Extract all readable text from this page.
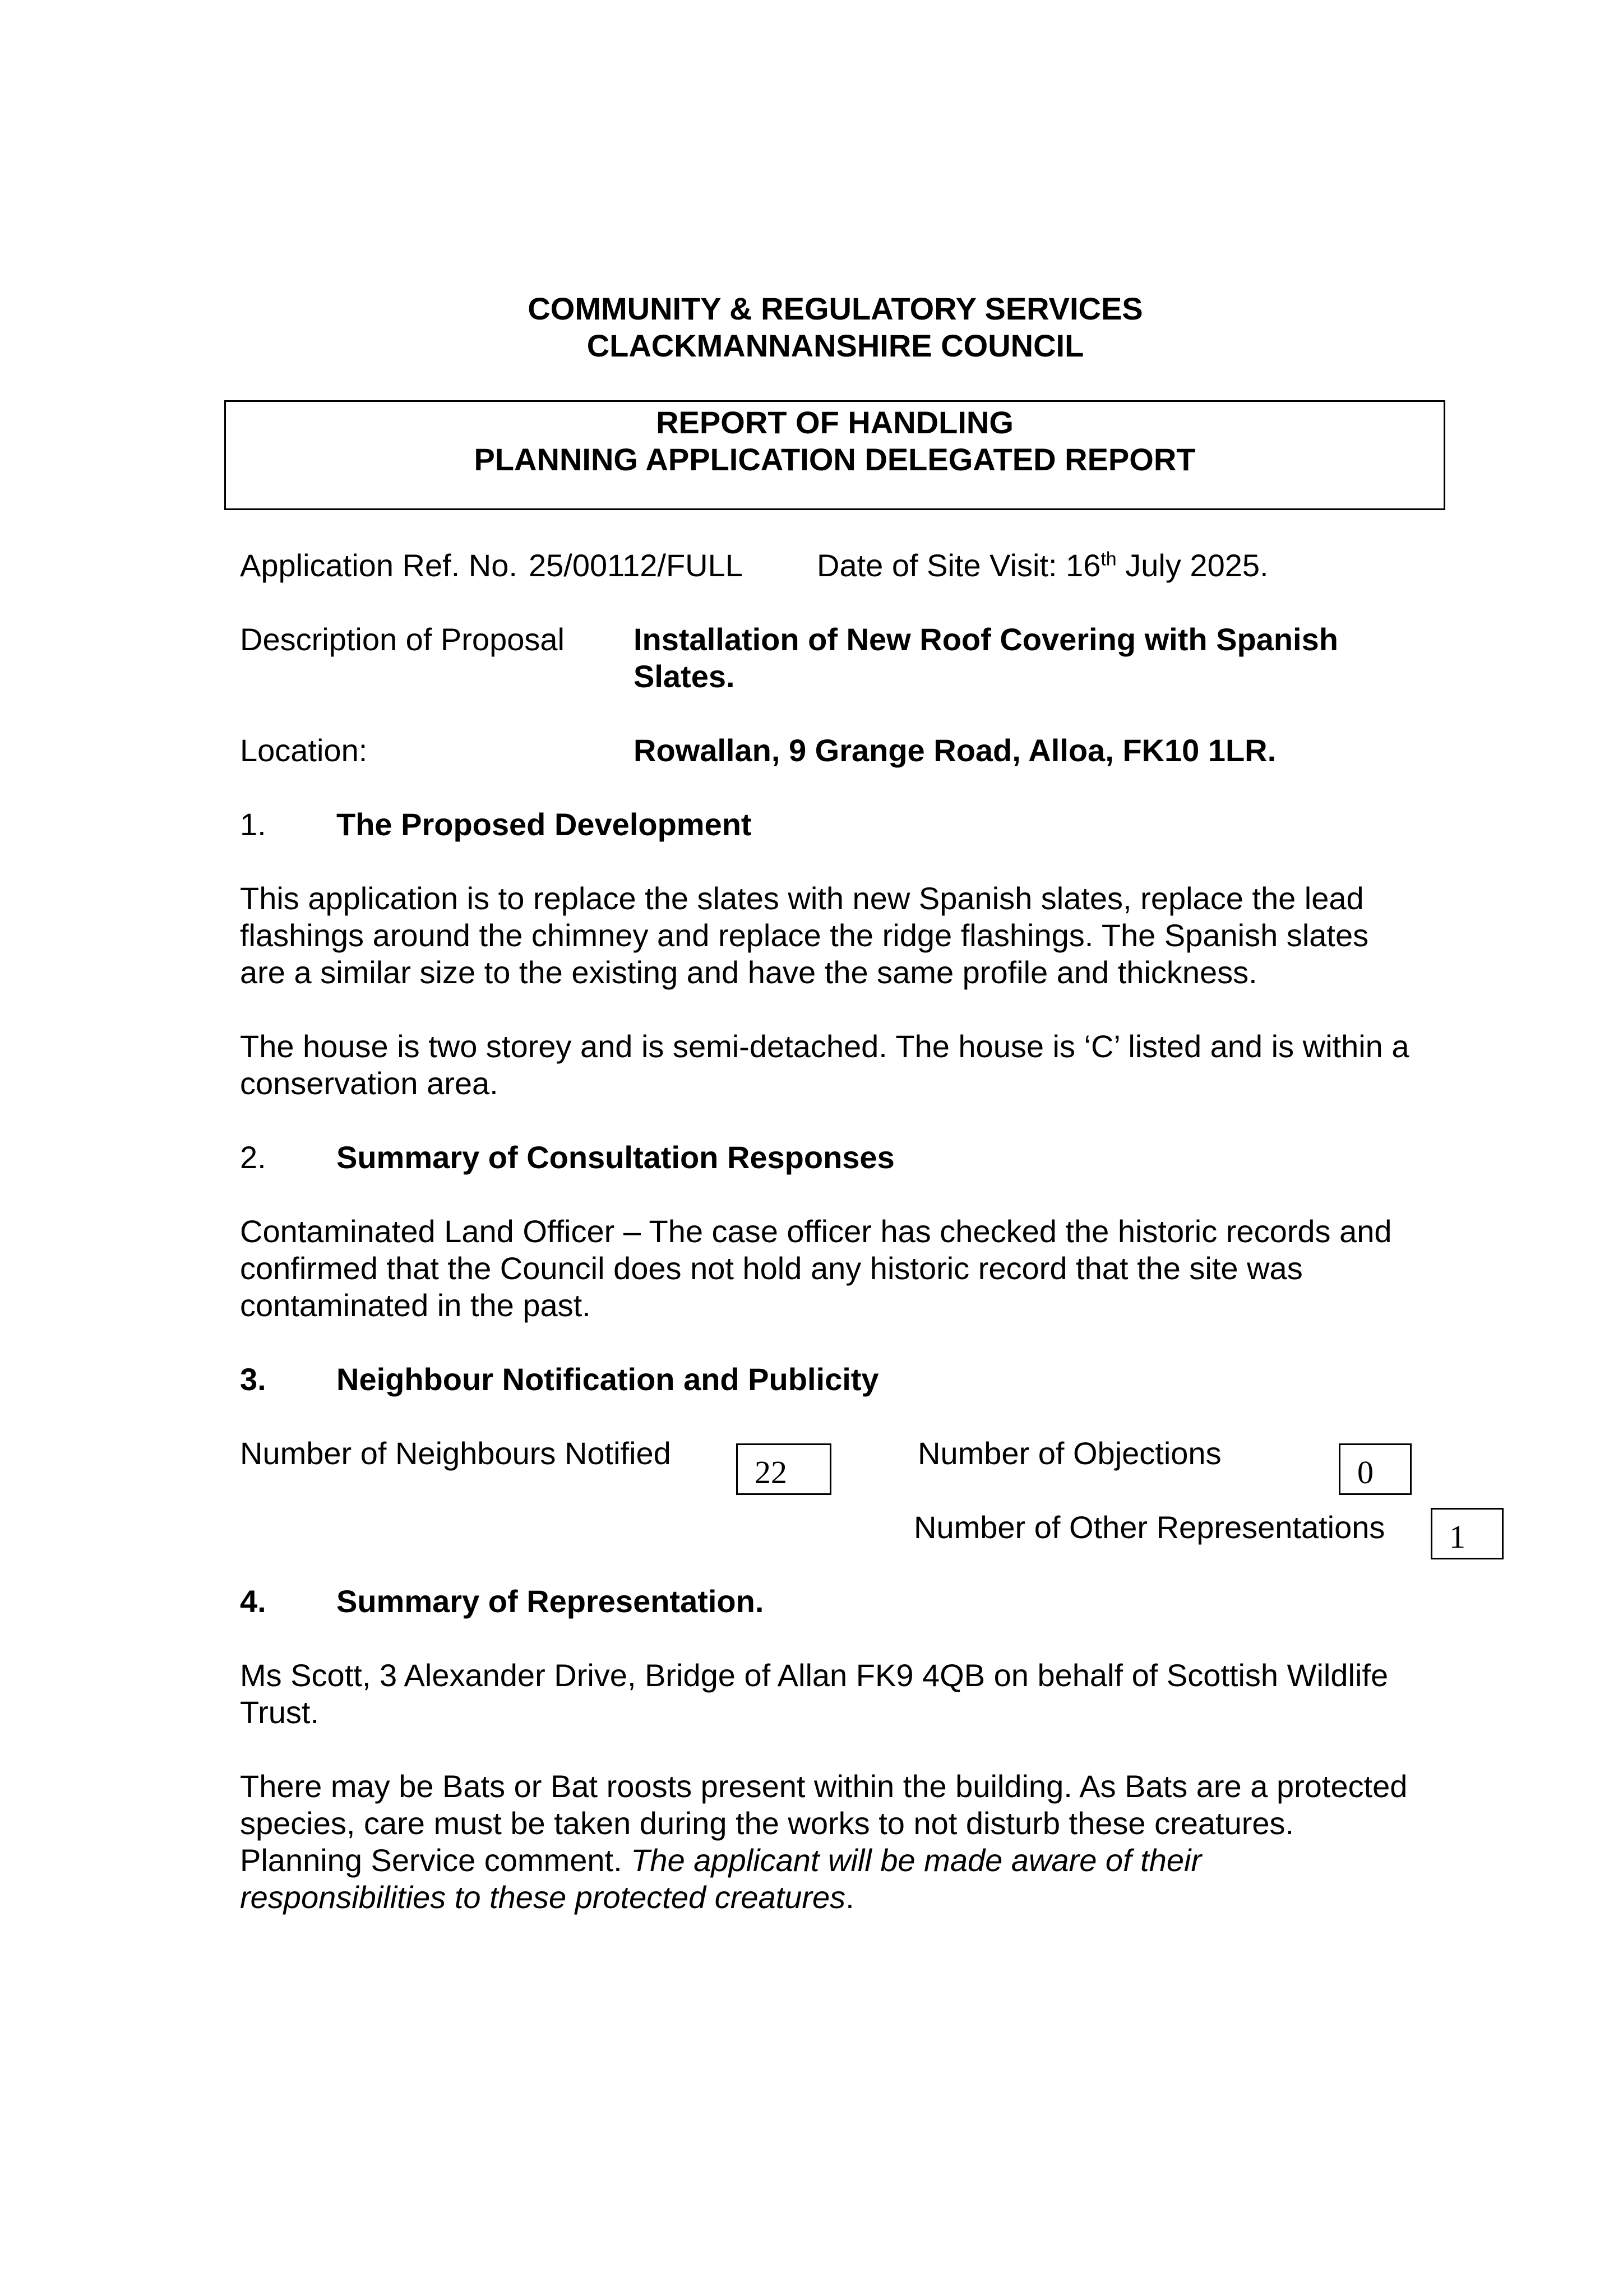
COMMUNITY & REGULATORY SERVICES
CLACKMANNANSHIRE COUNCIL
REPORT OF HANDLING
PLANNING APPLICATION DELEGATED REPORT
Application Ref. No. 25/00112/FULL Date of Site Visit: 16th July 2025.
Description of Proposal Installation of New Roof Covering with Spanish
Slates.
Location:	Rowallan, 9 Grange Road, Alloa, FK10 1LR.
1. The Proposed Development
This application is to replace the slates with new Spanish slates, replace the lead
flashings around the chimney and replace the ridge flashings. The Spanish slates
are a similar size to the existing and have the same profile and thickness.
The house is two storey and is semi-detached. The house is ‘C’ listed and is within a
conservation area.
2. Summary of Consultation Responses
Contaminated Land Officer – The case officer has checked the historic records and
confirmed that the Council does not hold any historic record that the site was
contaminated in the past.
3. Neighbour Notification and Publicity
Number of Neighbours Notified
22
Number of Objections
0
Number of Other Representations	1
4. Summary of Representation.
Ms Scott, 3 Alexander Drive, Bridge of Allan FK9 4QB on behalf of Scottish Wildlife
Trust.
There may be Bats or Bat roosts present within the building. As Bats are a protected
species, care must be taken during the works to not disturb these creatures.
Planning Service comment. The applicant will be made aware of their
responsibilities to these protected creatures.
